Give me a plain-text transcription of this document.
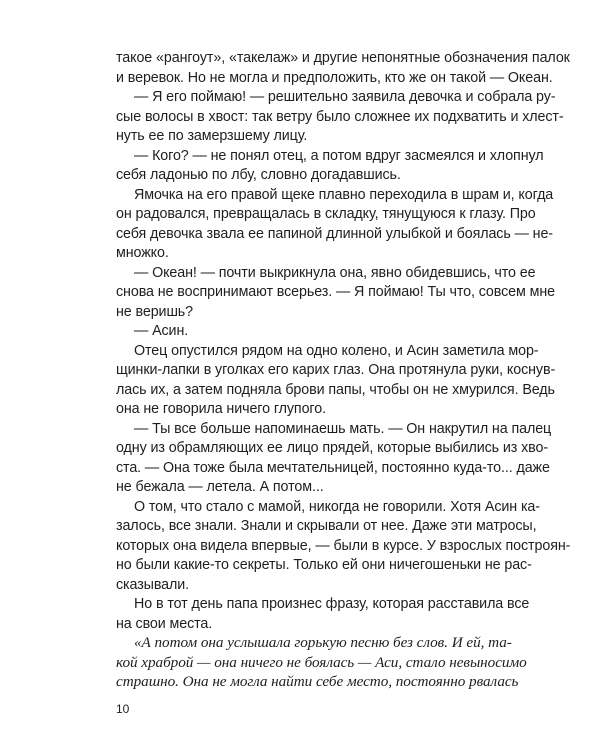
такое «рангоут», «такелаж» и другие непонятные обозначения палок
и веревок. Но не могла и предположить, кто же он такой — Океан.
— Я его поймаю! — решительно заявила девочка и собрала ру-
сые волосы в хвост: так ветру было сложнее их подхватить и хлест-
нуть ее по замерзшему лицу.
— Кого? — не понял отец, а потом вдруг засмеялся и хлопнул
себя ладонью по лбу, словно догадавшись.
Ямочка на его правой щеке плавно переходила в шрам и, когда
он радовался, превращалась в складку, тянущуюся к глазу. Про
себя девочка звала ее папиной длинной улыбкой и боялась — не-
множко.
— Океан! — почти выкрикнула она, явно обидевшись, что ее
снова не воспринимают всерьез. — Я поймаю! Ты что, совсем мне
не веришь?
— Асин.
Отец опустился рядом на одно колено, и Асин заметила мор-
щинки-лапки в уголках его карих глаз. Она протянула руки, коснув-
лась их, а затем подняла брови папы, чтобы он не хмурился. Ведь
она не говорила ничего глупого.
— Ты все больше напоминаешь мать. — Он накрутил на палец
одну из обрамляющих ее лицо прядей, которые выбились из хво-
ста. — Она тоже была мечтательницей, постоянно куда-то... даже
не бежала — летела. А потом...
О том, что стало с мамой, никогда не говорили. Хотя Асин ка-
залось, все знали. Знали и скрывали от нее. Даже эти матросы,
которых она видела впервые, — были в курсе. У взрослых построян-
но были какие-то секреты. Только ей они ничегошеньки не рас-
сказывали.
Но в тот день папа произнес фразу, которая расставила все
на свои места.
«А потом она услышала горькую песню без слов. И ей, та-
кой храброй — она ничего не боялась — Аси, стало невыносимо
страшно. Она не могла найти себе место, постоянно рвалась
10
